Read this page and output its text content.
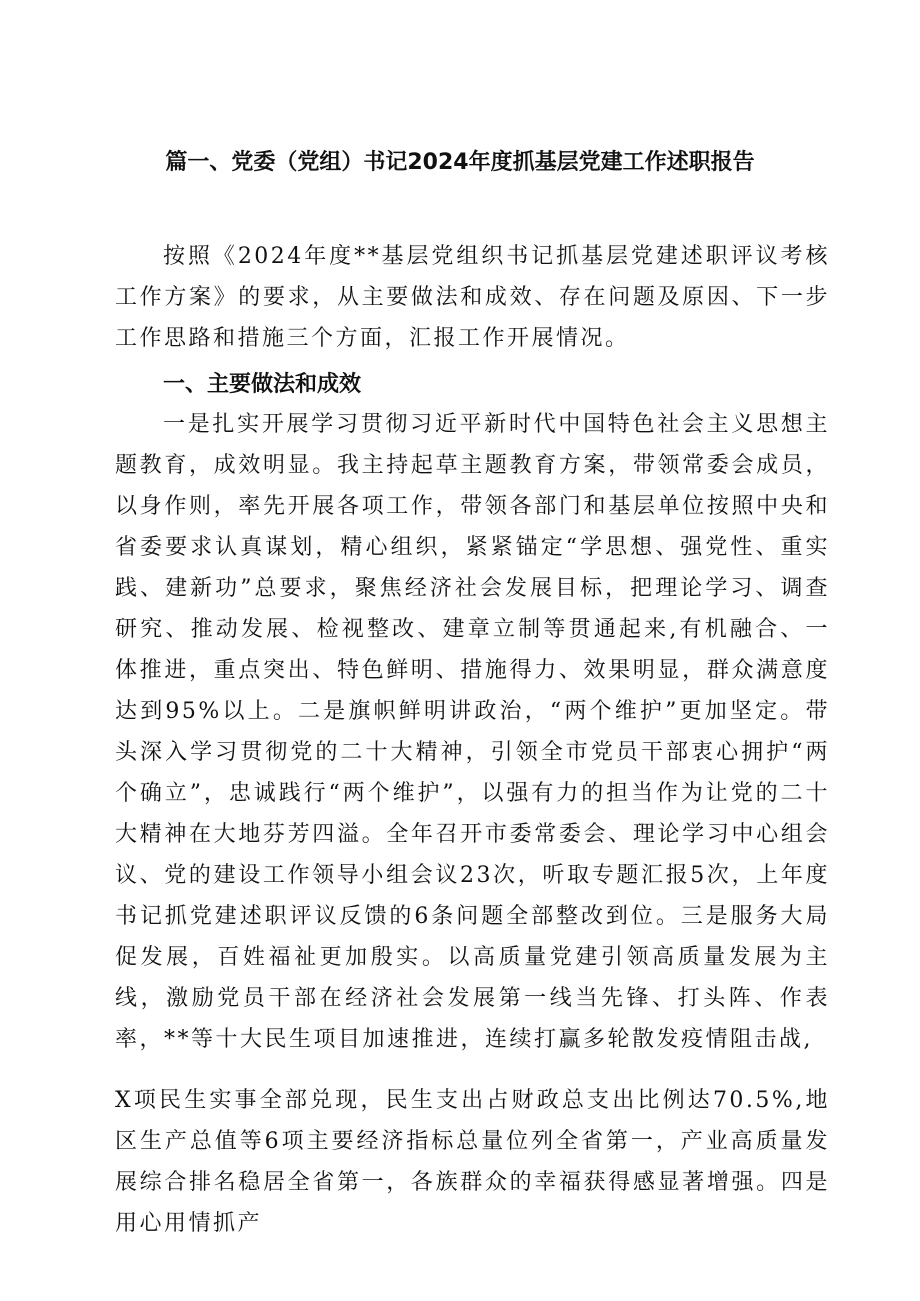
篇一、党委（党组）书记2024年度抓基层党建工作述职报告

按照《2024年度**基层党组织书记抓基层党建述职评议考核工作方案》的要求，从主要做法和成效、存在问题及原因、下一步工作思路和措施三个方面，汇报工作开展情况。

一、主要做法和成效

一是扎实开展学习贯彻习近平新时代中国特色社会主义思想主题教育，成效明显。我主持起草主题教育方案，带领常委会成员，以身作则，率先开展各项工作，带领各部门和基层单位按照中央和省委要求认真谋划，精心组织，紧紧锚定“学思想、强党性、重实践、建新功”总要求，聚焦经济社会发展目标，把理论学习、调查研究、推动发展、检视整改、建章立制等贯通起来,有机融合、一体推进，重点突出、特色鲜明、措施得力、效果明显，群众满意度达到95%以上。二是旗帜鲜明讲政治，“两个维护”更加坚定。带头深入学习贯彻党的二十大精神，引领全市党员干部衷心拥护“两个确立”，忠诚践行“两个维护”，以强有力的担当作为让党的二十大精神在大地芬芳四溢。全年召开市委常委会、理论学习中心组会议、党的建设工作领导小组会议23次，听取专题汇报5次，上年度书记抓党建述职评议反馈的6条问题全部整改到位。三是服务大局促发展，百姓福祉更加殷实。以高质量党建引领高质量发展为主线，激励党员干部在经济社会发展第一线当先锋、打头阵、作表率，**等十大民生项目加速推进，连续打赢多轮散发疫情阻击战,

X项民生实事全部兑现，民生支出占财政总支出比例达70.5%,地区生产总值等6项主要经济指标总量位列全省第一，产业高质量发展综合排名稳居全省第一，各族群众的幸福获得感显著增强。四是用心用情抓产
